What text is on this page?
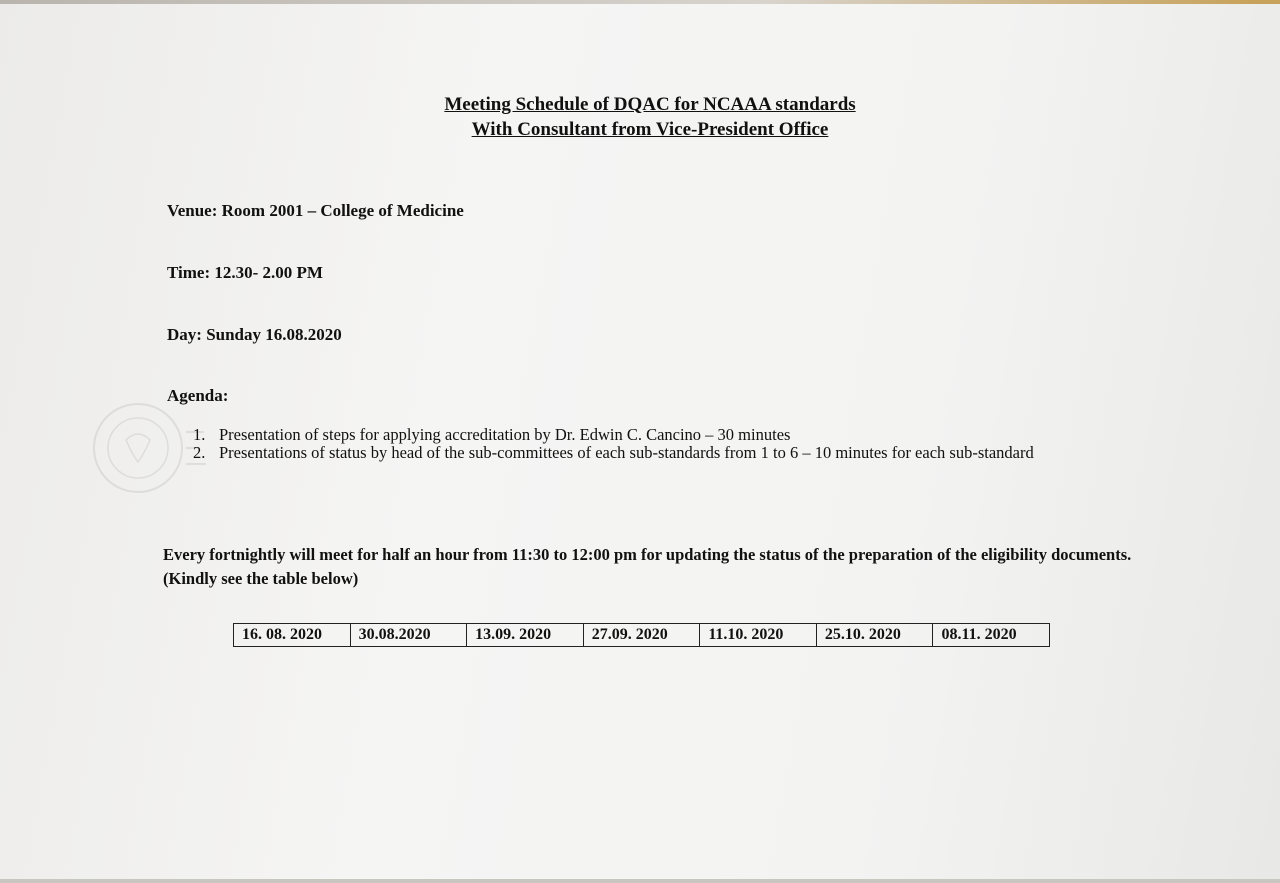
Meeting Schedule of DQAC for NCAAA standards
With Consultant from Vice-President Office
Venue: Room 2001 – College of Medicine
Time: 12.30- 2.00 PM
Day: Sunday 16.08.2020
Agenda:
1. Presentation of steps for applying accreditation by Dr. Edwin C. Cancino – 30 minutes
2. Presentations of status by head of the sub-committees of each sub-standards from 1 to 6 – 10 minutes for each sub-standard
Every fortnightly will meet for half an hour from 11:30 to 12:00 pm for updating the status of the preparation of the eligibility documents. (Kindly see the table below)
16. 08. 2020	30.08.2020	13.09. 2020	27.09. 2020	11.10. 2020	25.10. 2020	08.11. 2020
